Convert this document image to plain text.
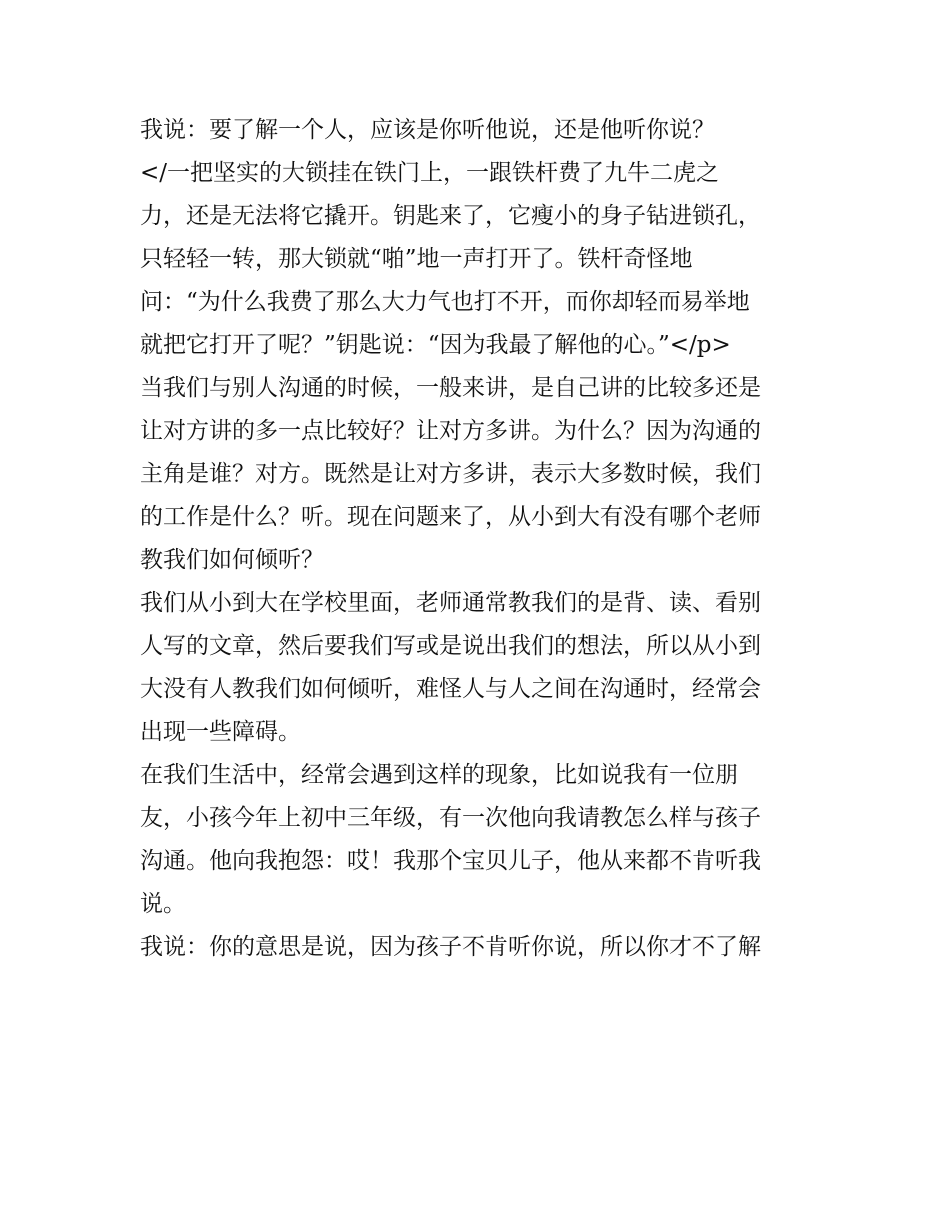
我说：要了解一个人，应该是你听他说，还是他听你说？
</一把坚实的大锁挂在铁门上，一跟铁杆费了九牛二虎之
力，还是无法将它撬开。钥匙来了，它瘦小的身子钻进锁孔，
只轻轻一转，那大锁就“啪”地一声打开了。铁杆奇怪地
问：“为什么我费了那么大力气也打不开，而你却轻而易举地
就把它打开了呢？”钥匙说：“因为我最了解他的心。”</p>
当我们与别人沟通的时候，一般来讲，是自己讲的比较多还是
让对方讲的多一点比较好？让对方多讲。为什么？因为沟通的
主角是谁？对方。既然是让对方多讲，表示大多数时候，我们
的工作是什么？听。现在问题来了，从小到大有没有哪个老师
教我们如何倾听？
我们从小到大在学校里面，老师通常教我们的是背、读、看别
人写的文章，然后要我们写或是说出我们的想法，所以从小到
大没有人教我们如何倾听，难怪人与人之间在沟通时，经常会
出现一些障碍。
在我们生活中，经常会遇到这样的现象，比如说我有一位朋
友，小孩今年上初中三年级，有一次他向我请教怎么样与孩子
沟通。他向我抱怨：哎！我那个宝贝儿子，他从来都不肯听我
说。
我说：你的意思是说，因为孩子不肯听你说，所以你才不了解
